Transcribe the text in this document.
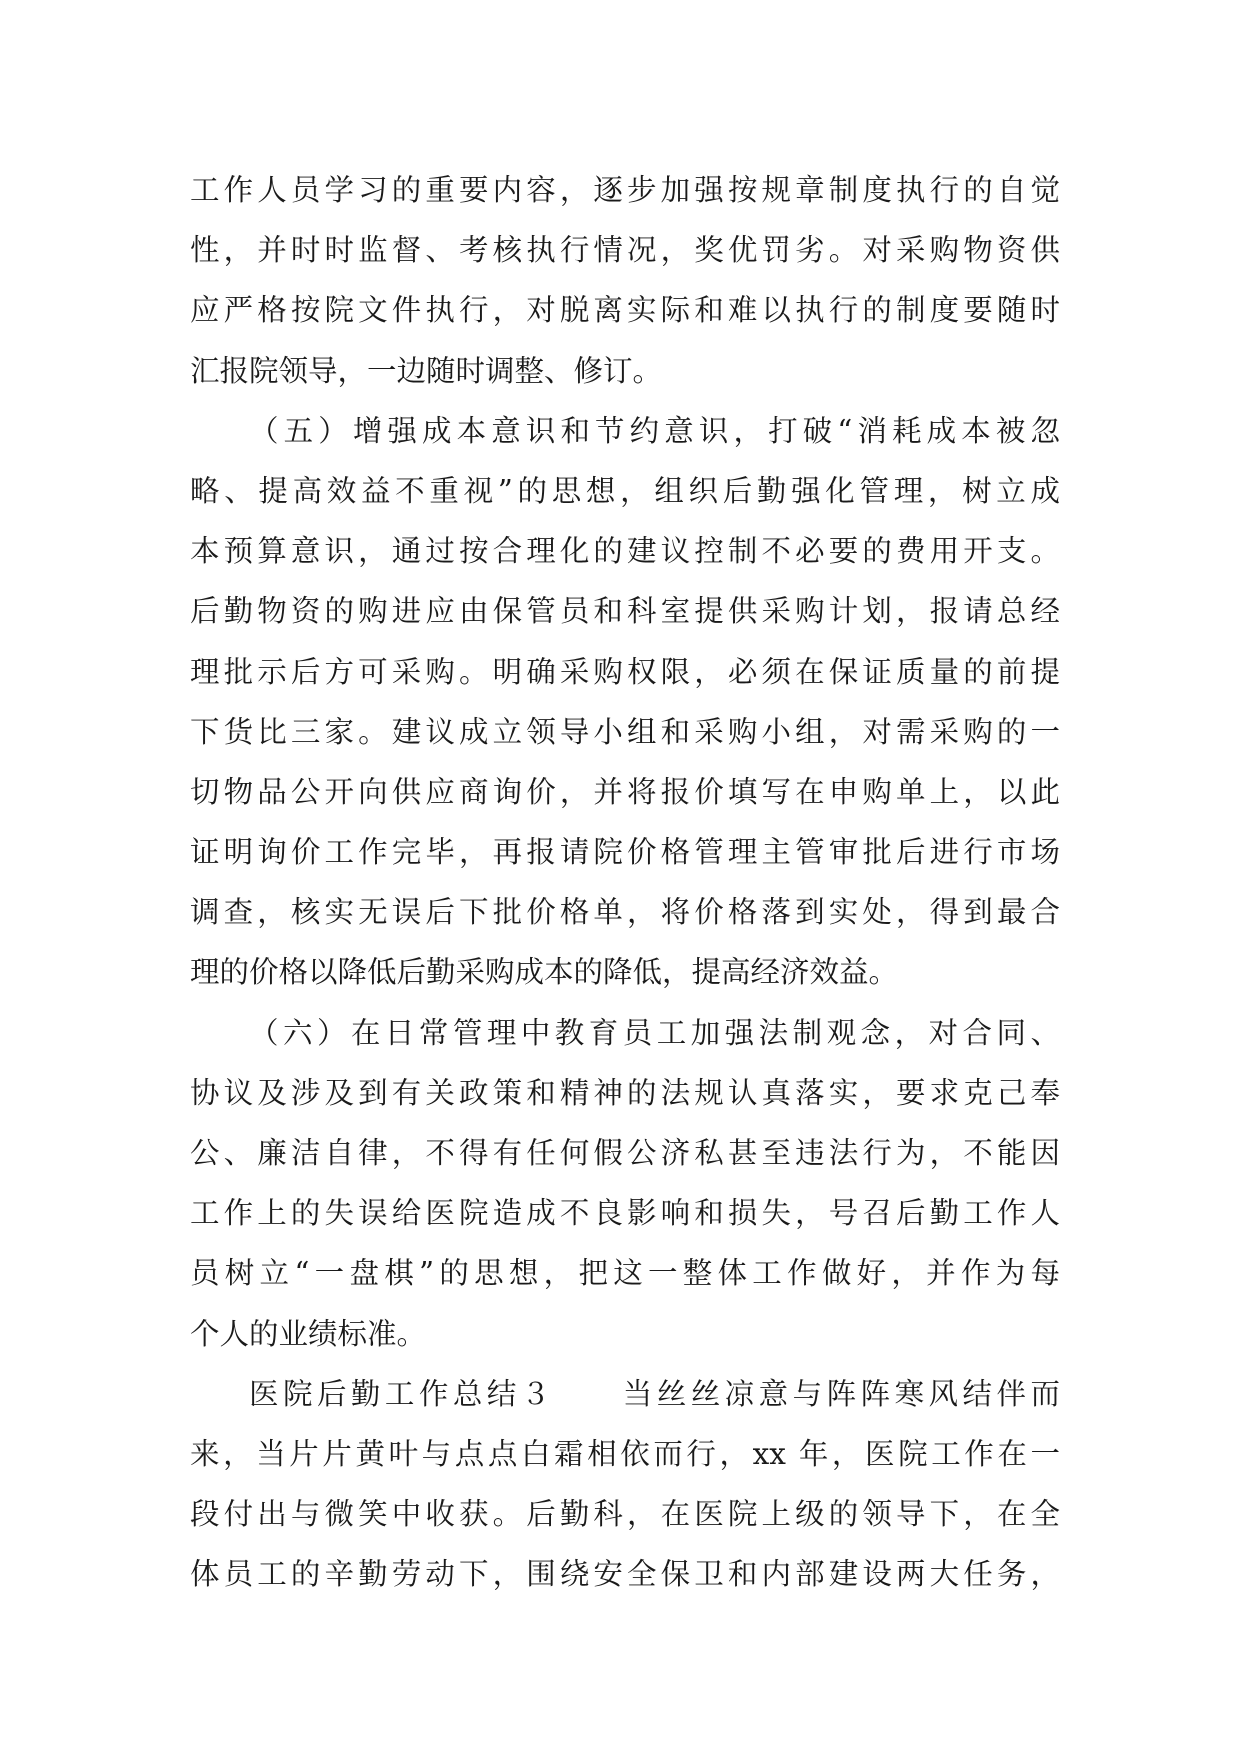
工作人员学习的重要内容，逐步加强按规章制度执行的自觉
性，并时时监督、考核执行情况，奖优罚劣。对采购物资供
应严格按院文件执行，对脱离实际和难以执行的制度要随时
汇报院领导，一边随时调整、修订。
（五）增强成本意识和节约意识，打破“消耗成本被忽
略、提高效益不重视”的思想，组织后勤强化管理，树立成
本预算意识，通过按合理化的建议控制不必要的费用开支。
后勤物资的购进应由保管员和科室提供采购计划，报请总经
理批示后方可采购。明确采购权限，必须在保证质量的前提
下货比三家。建议成立领导小组和采购小组，对需采购的一
切物品公开向供应商询价，并将报价填写在申购单上，以此
证明询价工作完毕，再报请院价格管理主管审批后进行市场
调查，核实无误后下批价格单，将价格落到实处，得到最合
理的价格以降低后勤采购成本的降低，提高经济效益。
（六）在日常管理中教育员工加强法制观念，对合同、
协议及涉及到有关政策和精神的法规认真落实，要求克己奉
公、廉洁自律，不得有任何假公济私甚至违法行为，不能因
工作上的失误给医院造成不良影响和损失，号召后勤工作人
员树立“一盘棋”的思想，把这一整体工作做好，并作为每
个人的业绩标准。
医院后勤工作总结３　　当丝丝凉意与阵阵寒风结伴而
来，当片片黄叶与点点白霜相依而行，xx 年，医院工作在一
段付出与微笑中收获。后勤科，在医院上级的领导下，在全
体员工的辛勤劳动下，围绕安全保卫和内部建设两大任务，
